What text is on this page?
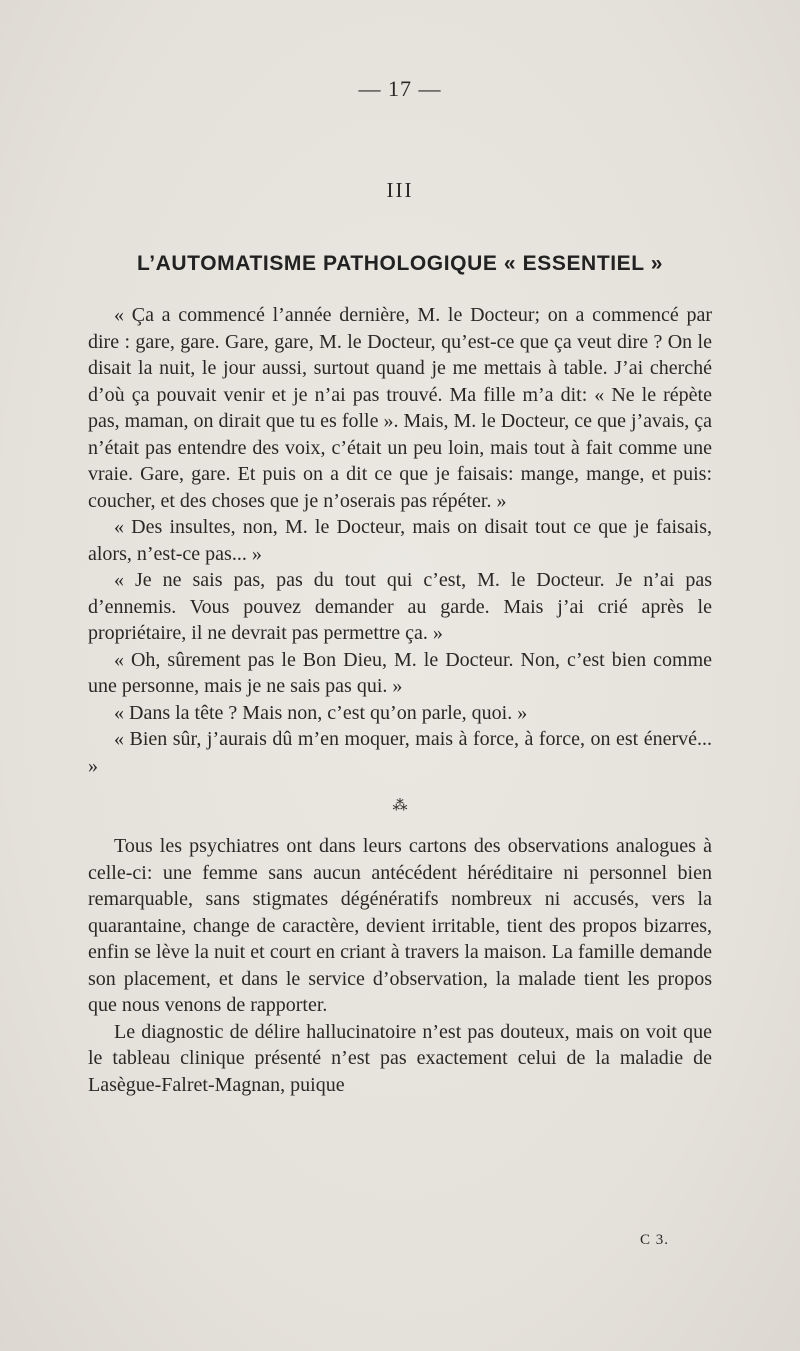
— 17 —
III
L’AUTOMATISME PATHOLOGIQUE « ESSENTIEL »

« Ça a commencé l’année dernière, M. le Docteur; on a commencé par dire : gare, gare. Gare, gare, M. le Docteur, qu’est-ce que ça veut dire ? On le disait la nuit, le jour aussi, surtout quand je me mettais à table. J’ai cherché d’où ça pouvait venir et je n’ai pas trouvé. Ma fille m’a dit: « Ne le répète pas, maman, on dirait que tu es folle ». Mais, M. le Docteur, ce que j’avais, ça n’était pas entendre des voix, c’était un peu loin, mais tout à fait comme une vraie. Gare, gare. Et puis on a dit ce que je faisais: mange, mange, et puis: coucher, et des choses que je n’oserais pas répéter. »

« Des insultes, non, M. le Docteur, mais on disait tout ce que je faisais, alors, n’est-ce pas... »

« Je ne sais pas, pas du tout qui c’est, M. le Docteur. Je n’ai pas d’ennemis. Vous pouvez demander au garde. Mais j’ai crié après le propriétaire, il ne devrait pas permettre ça. »

« Oh, sûrement pas le Bon Dieu, M. le Docteur. Non, c’est bien comme une personne, mais je ne sais pas qui. »

« Dans la tête ? Mais non, c’est qu’on parle, quoi. »

« Bien sûr, j’aurais dû m’en moquer, mais à force, à force, on est énervé... »

⁂

Tous les psychiatres ont dans leurs cartons des observations analogues à celle-ci: une femme sans aucun antécédent héréditaire ni personnel bien remarquable, sans stigmates dégénératifs nombreux ni accusés, vers la quarantaine, change de caractère, devient irritable, tient des propos bizarres, enfin se lève la nuit et court en criant à travers la maison. La famille demande son placement, et dans le service d’observation, la malade tient les propos que nous venons de rapporter.

Le diagnostic de délire hallucinatoire n’est pas douteux, mais on voit que le tableau clinique présenté n’est pas exactement celui de la maladie de Lasègue-Falret-Magnan, puique

C 3.
